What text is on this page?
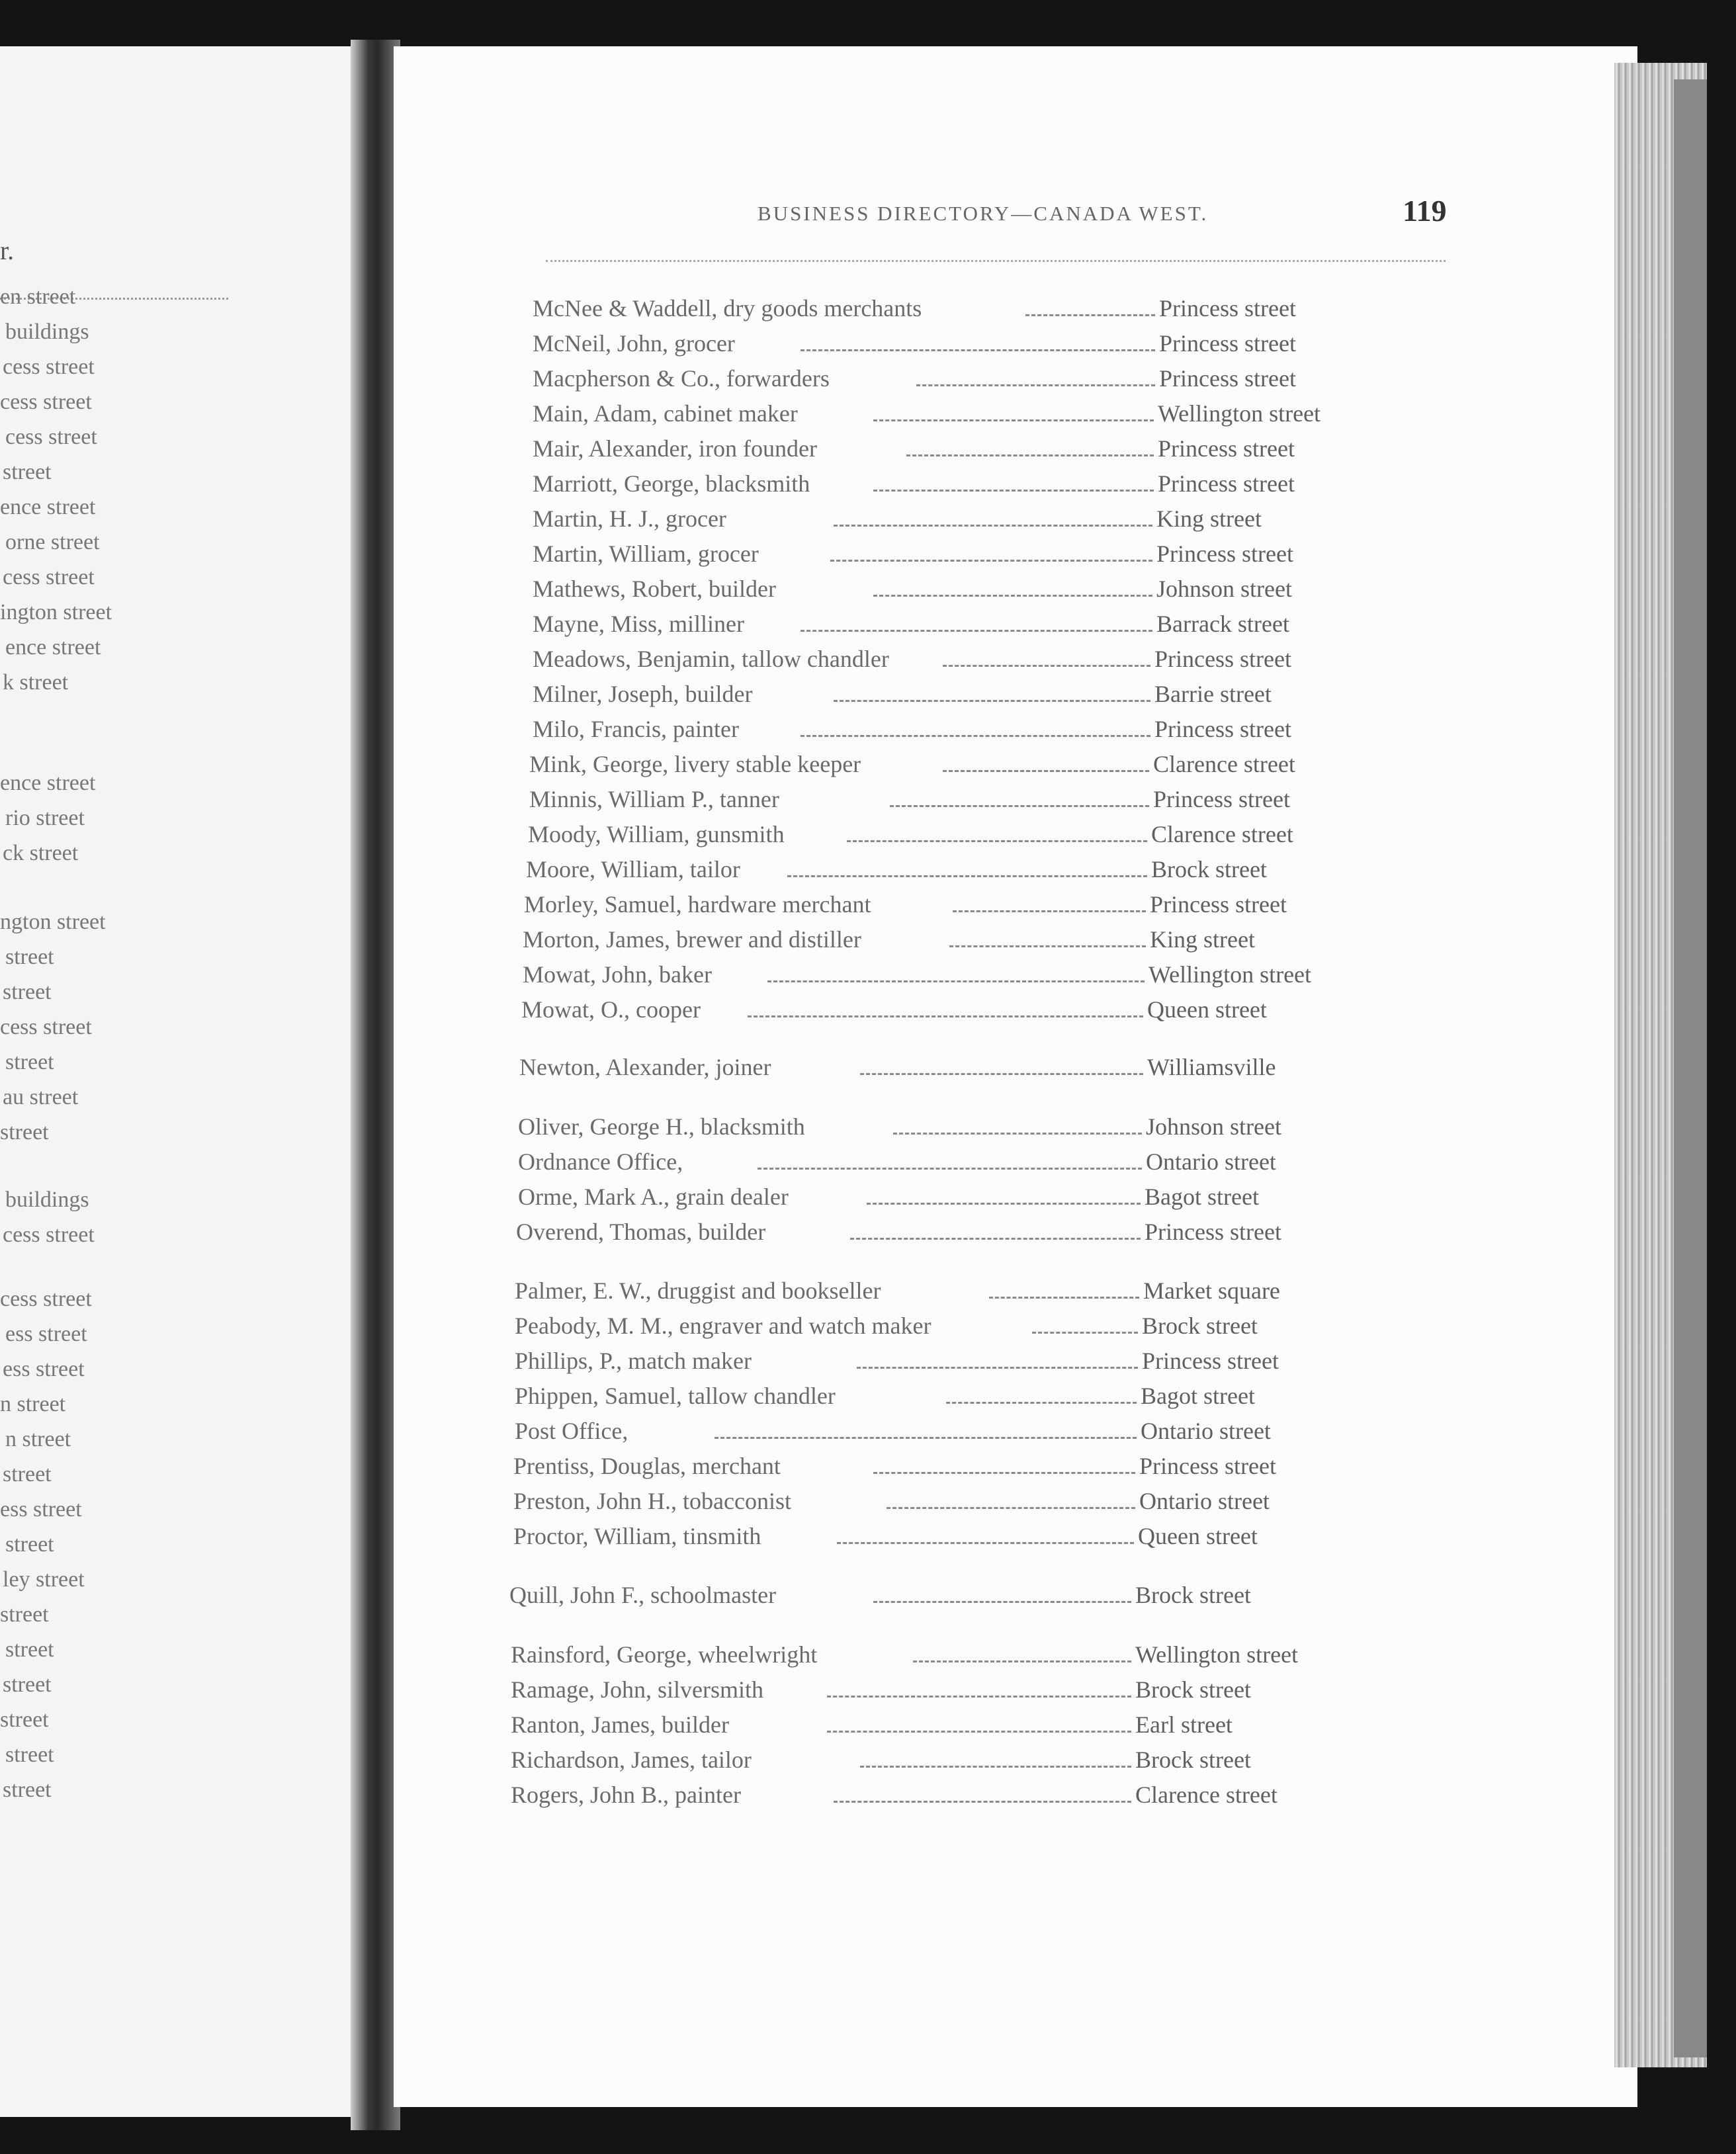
r.
en street
buildings
cess street
cess street
cess street
street
ence street
orne street
cess street
ington street
ence street
k street
ence street
rio street
ck street
ngton street
street
street
cess street
street
au street
street
buildings
cess street
cess street
ess street
ess street
n street
n street
street
ess street
street
ley street
street
street
street
street
street
street
BUSINESS DIRECTORY—CANADA WEST.	119
McNee & Waddell, dry goods merchants	Princess street
McNeil, John, grocer	Princess street
Macpherson & Co., forwarders	Princess street
Main, Adam, cabinet maker	Wellington street
Mair, Alexander, iron founder	Princess street
Marriott, George, blacksmith	Princess street
Martin, H. J., grocer	King street
Martin, William, grocer	Princess street
Mathews, Robert, builder	Johnson street
Mayne, Miss, milliner	Barrack street
Meadows, Benjamin, tallow chandler	Princess street
Milner, Joseph, builder	Barrie street
Milo, Francis, painter	Princess street
Mink, George, livery stable keeper	Clarence street
Minnis, William P., tanner	Princess street
Moody, William, gunsmith	Clarence street
Moore, William, tailor	Brock street
Morley, Samuel, hardware merchant	Princess street
Morton, James, brewer and distiller	King street
Mowat, John, baker	Wellington street
Mowat, O., cooper	Queen street
Newton, Alexander, joiner	Williamsville
Oliver, George H., blacksmith	Johnson street
Ordnance Office,	Ontario street
Orme, Mark A., grain dealer	Bagot street
Overend, Thomas, builder	Princess street
Palmer, E. W., druggist and bookseller	Market square
Peabody, M. M., engraver and watch maker	Brock street
Phillips, P., match maker	Princess street
Phippen, Samuel, tallow chandler	Bagot street
Post Office,	Ontario street
Prentiss, Douglas, merchant	Princess street
Preston, John H., tobacconist	Ontario street
Proctor, William, tinsmith	Queen street
Quill, John F., schoolmaster	Brock street
Rainsford, George, wheelwright	Wellington street
Ramage, John, silversmith	Brock street
Ranton, James, builder	Earl street
Richardson, James, tailor	Brock street
Rogers, John B., painter	Clarence street
